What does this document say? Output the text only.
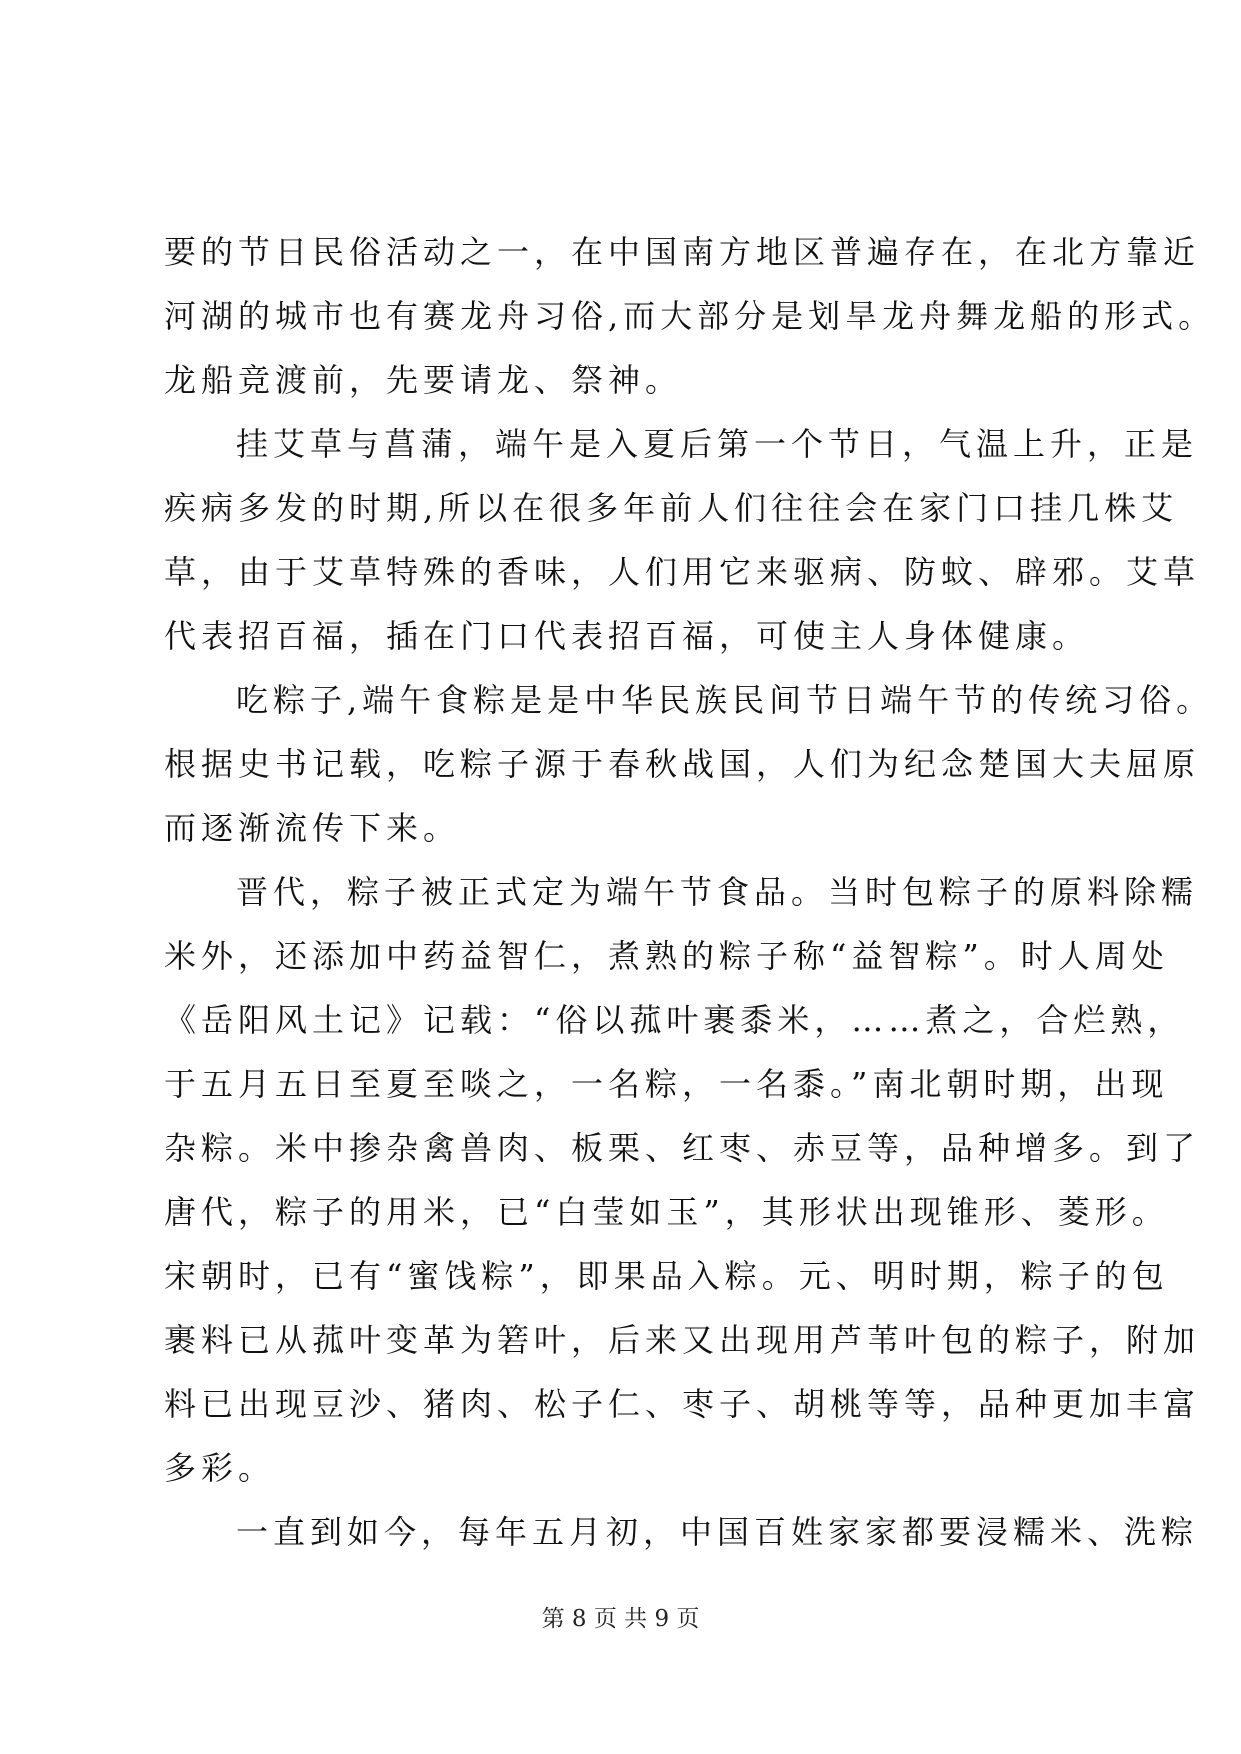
要的节日民俗活动之一，在中国南方地区普遍存在，在北方靠近
河湖的城市也有赛龙舟习俗,而大部分是划旱龙舟舞龙船的形式。
龙船竞渡前，先要请龙、祭神。
挂艾草与菖蒲，端午是入夏后第一个节日，气温上升，正是
疾病多发的时期,所以在很多年前人们往往会在家门口挂几株艾
草，由于艾草特殊的香味，人们用它来驱病、防蚊、辟邪。艾草
代表招百福，插在门口代表招百福，可使主人身体健康。
吃粽子,端午食粽是是中华民族民间节日端午节的传统习俗。
根据史书记载，吃粽子源于春秋战国，人们为纪念楚国大夫屈原
而逐渐流传下来。
晋代，粽子被正式定为端午节食品。当时包粽子的原料除糯
米外，还添加中药益智仁，煮熟的粽子称“益智粽”。时人周处
《岳阳风土记》记载：“俗以菰叶裹黍米，……煮之，合烂熟，
于五月五日至夏至啖之，一名粽，一名黍。”南北朝时期，出现
杂粽。米中掺杂禽兽肉、板栗、红枣、赤豆等，品种增多。到了
唐代，粽子的用米，已“白莹如玉”，其形状出现锥形、菱形。
宋朝时，已有“蜜饯粽”，即果品入粽。元、明时期，粽子的包
裹料已从菰叶变革为箬叶，后来又出现用芦苇叶包的粽子，附加
料已出现豆沙、猪肉、松子仁、枣子、胡桃等等，品种更加丰富
多彩。
一直到如今，每年五月初，中国百姓家家都要浸糯米、洗粽
第 8 页 共 9 页
